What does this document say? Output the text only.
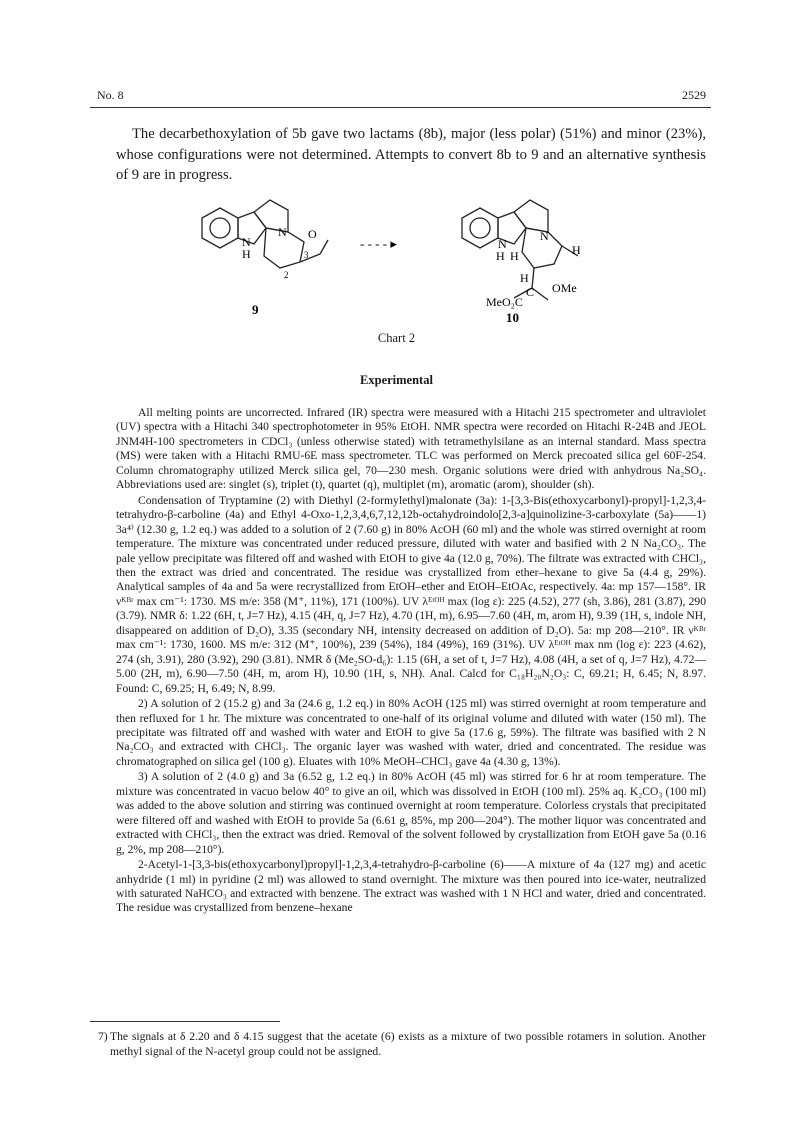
No. 8	2529
The decarbethoxylation of 5b gave two lactams (8b), major (less polar) (51%) and minor (23%), whose configurations were not determined. Attempts to convert 8b to 9 and an alternative synthesis of 9 are in progress.
N
H
N O
3
2
9
- - - - ▸	N
H H
N
H
H
MeO₂C
C OMe
10
Chart 2
Experimental

All melting points are uncorrected. Infrared (IR) spectra were measured with a Hitachi 215 spectrometer and ultraviolet (UV) spectra with a Hitachi 340 spectrophotometer in 95% EtOH. NMR spectra were recorded on Hitachi R-24B and JEOL JNM4H-100 spectrometers in CDCl₃ (unless otherwise stated) with tetramethylsilane as an internal standard. Mass spectra (MS) were taken with a Hitachi RMU-6E mass spectrometer. TLC was performed on Merck precoated silica gel 60F-254. Column chromatography utilized Merck silica gel, 70—230 mesh. Organic solutions were dried with anhydrous Na₂SO₄. Abbreviations used are: singlet (s), triplet (t), quartet (q), multiplet (m), aromatic (arom), shoulder (sh).

Condensation of Tryptamine (2) with Diethyl (2-formylethyl)malonate (3a): 1-[3,3-Bis(ethoxycarbonyl)-propyl]-1,2,3,4-tetrahydro-β-carboline (4a) and Ethyl 4-Oxo-1,2,3,4,6,7,12,12b-octahydroindolo[2,3-a]quinolizine-3-carboxylate (5a)——1) 3a⁴⁾ (12.30 g, 1.2 eq.) was added to a solution of 2 (7.60 g) in 80% AcOH (60 ml) and the whole was stirred overnight at room temperature. The mixture was concentrated under reduced pressure, diluted with water and basified with 2 N Na₂CO₃. The pale yellow precipitate was filtered off and washed with EtOH to give 4a (12.0 g, 70%). The filtrate was extracted with CHCl₃, then the extract was dried and concentrated. The residue was crystallized from ether–hexane to give 5a (4.4 g, 29%). Analytical samples of 4a and 5a were recrystallized from EtOH–ether and EtOH–EtOAc, respectively. 4a: mp 157—158°. IR νᴷᴮʳ max cm⁻¹: 1730. MS m/e: 358 (M⁺, 11%), 171 (100%). UV λᴱᵗᴼᴴ max (log ε): 225 (4.52), 277 (sh, 3.86), 281 (3.87), 290 (3.79). NMR δ: 1.22 (6H, t, J=7 Hz), 4.15 (4H, q, J=7 Hz), 4.70 (1H, m), 6.95—7.60 (4H, m, arom H), 9.39 (1H, s, indole NH, disappeared on addition of D₂O), 3.35 (secondary NH, intensity decreased on addition of D₂O). 5a: mp 208—210°. IR νᴷᴮʳ max cm⁻¹: 1730, 1600. MS m/e: 312 (M⁺, 100%), 239 (54%), 184 (49%), 169 (31%). UV λᴱᵗᴼᴴ max nm (log ε): 223 (4.62), 274 (sh, 3.91), 280 (3.92), 290 (3.81). NMR δ (Me₂SO-d₆): 1.15 (6H, a set of t, J=7 Hz), 4.08 (4H, a set of q, J=7 Hz), 4.72—5.00 (2H, m), 6.90—7.50 (4H, m, arom H), 10.90 (1H, s, NH). Anal. Calcd for C₁₈H₂₀N₂O₃: C, 69.21; H, 6.45; N, 8.97. Found: C, 69.25; H, 6.49; N, 8.99.

2) A solution of 2 (15.2 g) and 3a (24.6 g, 1.2 eq.) in 80% AcOH (125 ml) was stirred overnight at room temperature and then refluxed for 1 hr. The mixture was concentrated to one-half of its original volume and diluted with water (150 ml). The precipitate was filtrated off and washed with water and EtOH to give 5a (17.6 g, 59%). The filtrate was basified with 2 N Na₂CO₃ and extracted with CHCl₃. The organic layer was washed with water, dried and concentrated. The residue was chromatographed on silica gel (100 g). Eluates with 10% MeOH–CHCl₃ gave 4a (4.30 g, 13%).

3) A solution of 2 (4.0 g) and 3a (6.52 g, 1.2 eq.) in 80% AcOH (45 ml) was stirred for 6 hr at room temperature. The mixture was concentrated in vacuo below 40° to give an oil, which was dissolved in EtOH (100 ml). 25% aq. K₂CO₃ (100 ml) was added to the above solution and stirring was continued overnight at room temperature. Colorless crystals that precipitated were filtered off and washed with EtOH to provide 5a (6.61 g, 85%, mp 200—204°). The mother liquor was concentrated and extracted with CHCl₃, then the extract was dried. Removal of the solvent followed by crystallization from EtOH gave 5a (0.16 g, 2%, mp 208—210°).

2-Acetyl-1-[3,3-bis(ethoxycarbonyl)propyl]-1,2,3,4-tetrahydro-β-carboline (6)——A mixture of 4a (127 mg) and acetic anhydride (1 ml) in pyridine (2 ml) was allowed to stand overnight. The mixture was then poured into ice-water, neutralized with saturated NaHCO₃ and extracted with benzene. The extract was washed with 1 N HCl and water, dried and concentrated. The residue was crystallized from benzene–hexane

7) The signals at δ 2.20 and δ 4.15 suggest that the acetate (6) exists as a mixture of two possible rotamers in solution. Another methyl signal of the N-acetyl group could not be assigned.
